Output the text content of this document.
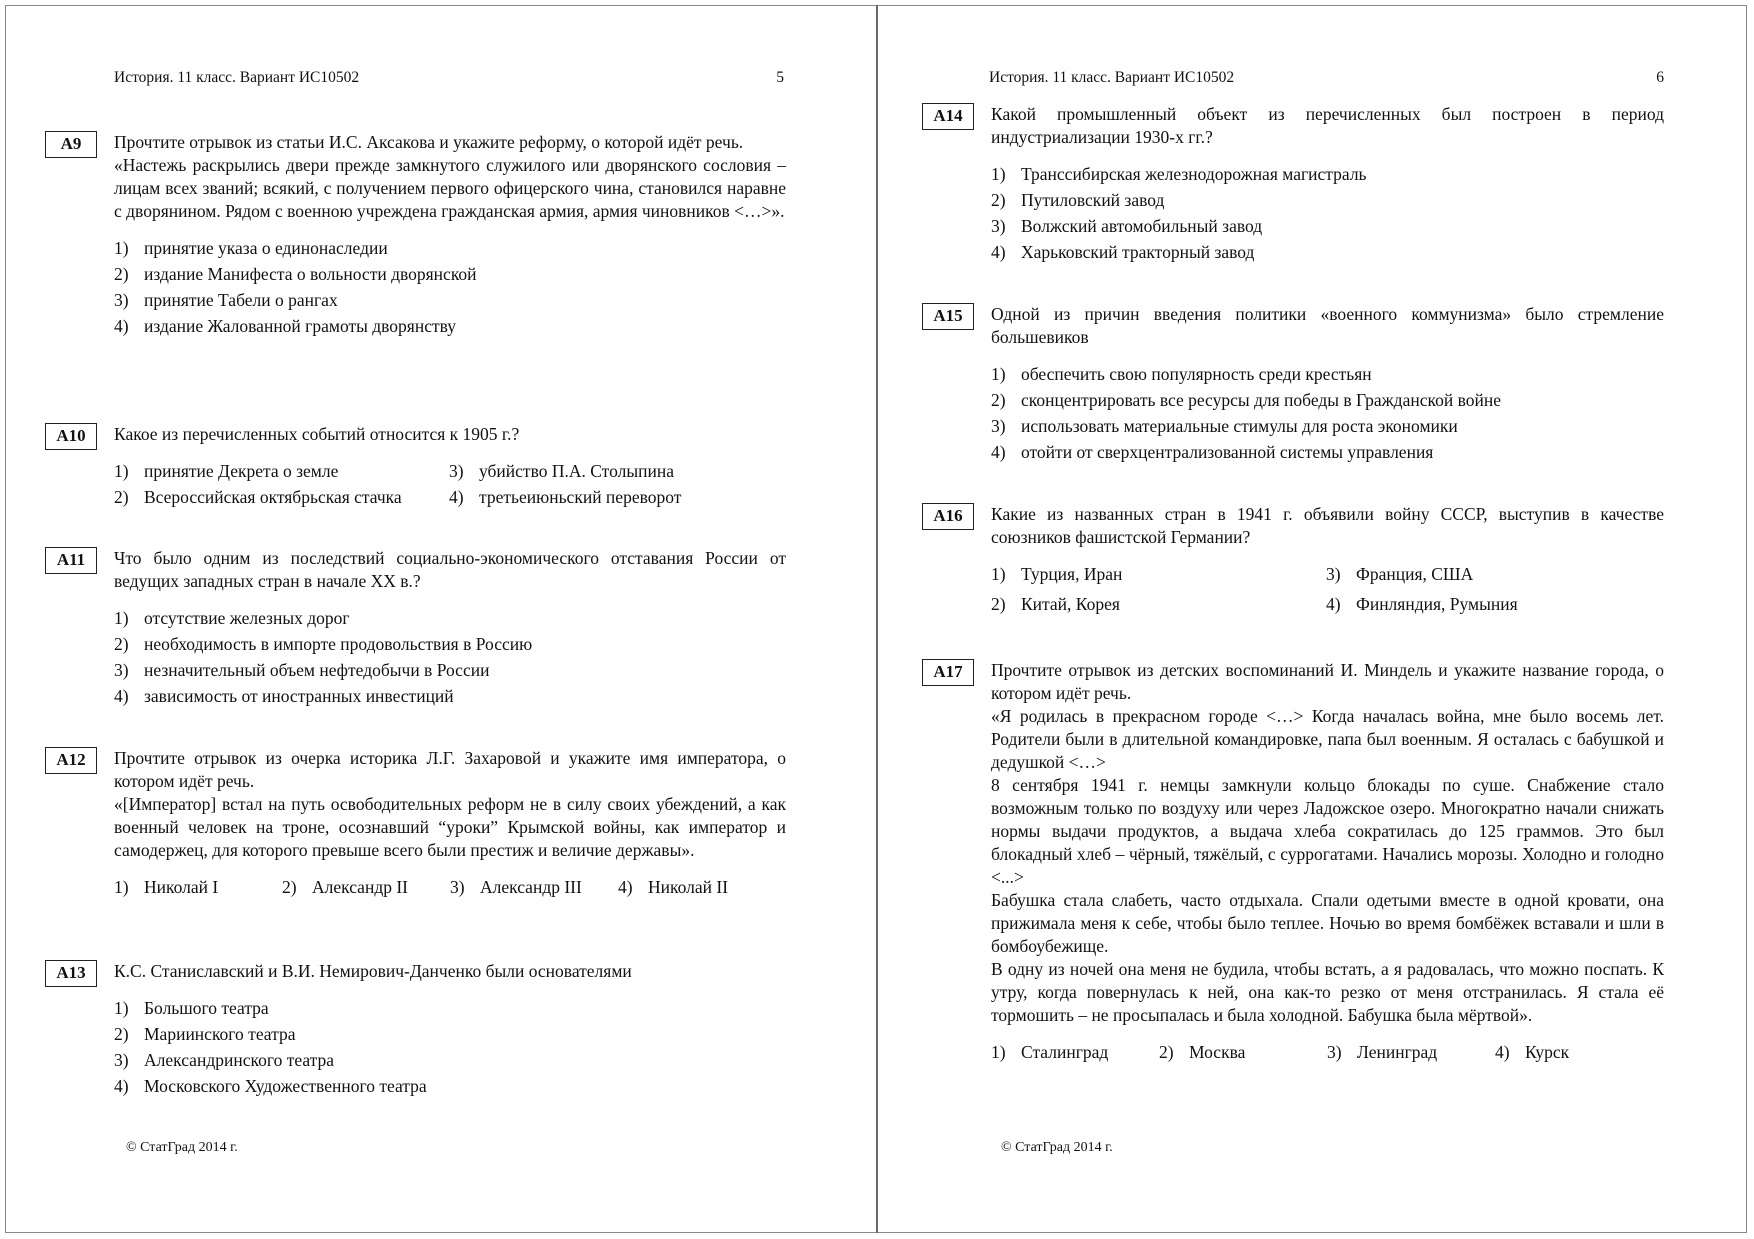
История. 11 класс. Вариант ИС10502	5
A9	Прочтите отрывок из статьи И.С. Аксакова и укажите реформу, о которой идёт речь.

«Настежь раскрылись двери прежде замкнутого служилого или дворянского сословия – лицам всех званий; всякий, с получением первого офицерского чина, становился наравне с дворянином. Рядом с военною учреждена гражданская армия, армия чиновников <…>».

1) принятие указа о единонаследии
2) издание Манифеста о вольности дворянской
3) принятие Табели о рангах
4) издание Жалованной грамоты дворянству
A10	Какое из перечисленных событий относится к 1905 г.?

1) принятие Декрета о земле	3) убийство П.А. Столыпина
2) Всероссийская октябрьская стачка	4) третьеиюньский переворот
A11	Что было одним из последствий социально-экономического отставания России от ведущих западных стран в начале XX в.?

1) отсутствие железных дорог
2) необходимость в импорте продовольствия в Россию
3) незначительный объем нефтедобычи в России
4) зависимость от иностранных инвестиций
A12	Прочтите отрывок из очерка историка Л.Г. Захаровой и укажите имя императора, о котором идёт речь.

«[Император] встал на путь освободительных реформ не в силу своих убеждений, а как военный человек на троне, осознавший “уроки” Крымской войны, как император и самодержец, для которого превыше всего были престиж и величие державы».

1) Николай I	2) Александр II	3) Александр III	4) Николай II
A13	К.С. Станиславский и В.И. Немирович-Данченко были основателями

1) Большого театра
2) Мариинского театра
3) Александринского театра
4) Московского Художественного театра
© СтатГрад 2014 г.
История. 11 класс. Вариант ИС10502	6
A14	Какой промышленный объект из перечисленных был построен в период индустриализации 1930-х гг.?

1) Транссибирская железнодорожная магистраль
2) Путиловский завод
3) Волжский автомобильный завод
4) Харьковский тракторный завод
A15	Одной из причин введения политики «военного коммунизма» было стремление большевиков

1) обеспечить свою популярность среди крестьян
2) сконцентрировать все ресурсы для победы в Гражданской войне
3) использовать материальные стимулы для роста экономики
4) отойти от сверхцентрализованной системы управления
A16	Какие из названных стран в 1941 г. объявили войну СССР, выступив в качестве союзников фашистской Германии?

1) Турция, Иран	3) Франция, США
2) Китай, Корея	4) Финляндия, Румыния
A17	Прочтите отрывок из детских воспоминаний И. Миндель и укажите название города, о котором идёт речь.

«Я родилась в прекрасном городе <…> Когда началась война, мне было восемь лет. Родители были в длительной командировке, папа был военным. Я осталась с бабушкой и дедушкой <…>

8 сентября 1941 г. немцы замкнули кольцо блокады по суше. Снабжение стало возможным только по воздуху или через Ладожское озеро. Многократно начали снижать нормы выдачи продуктов, а выдача хлеба сократилась до 125 граммов. Это был блокадный хлеб – чёрный, тяжёлый, с суррогатами. Начались морозы. Холодно и голодно <...>

Бабушка стала слабеть, часто отдыхала. Спали одетыми вместе в одной кровати, она прижимала меня к себе, чтобы было теплее. Ночью во время бомбёжек вставали и шли в бомбоубежище.

В одну из ночей она меня не будила, чтобы встать, а я радовалась, что можно поспать. К утру, когда повернулась к ней, она как-то резко от меня отстранилась. Я стала её тормошить – не просыпалась и была холодной. Бабушка была мёртвой».

1) Сталинград	2) Москва	3) Ленинград	4) Курск
© СтатГрад 2014 г.
